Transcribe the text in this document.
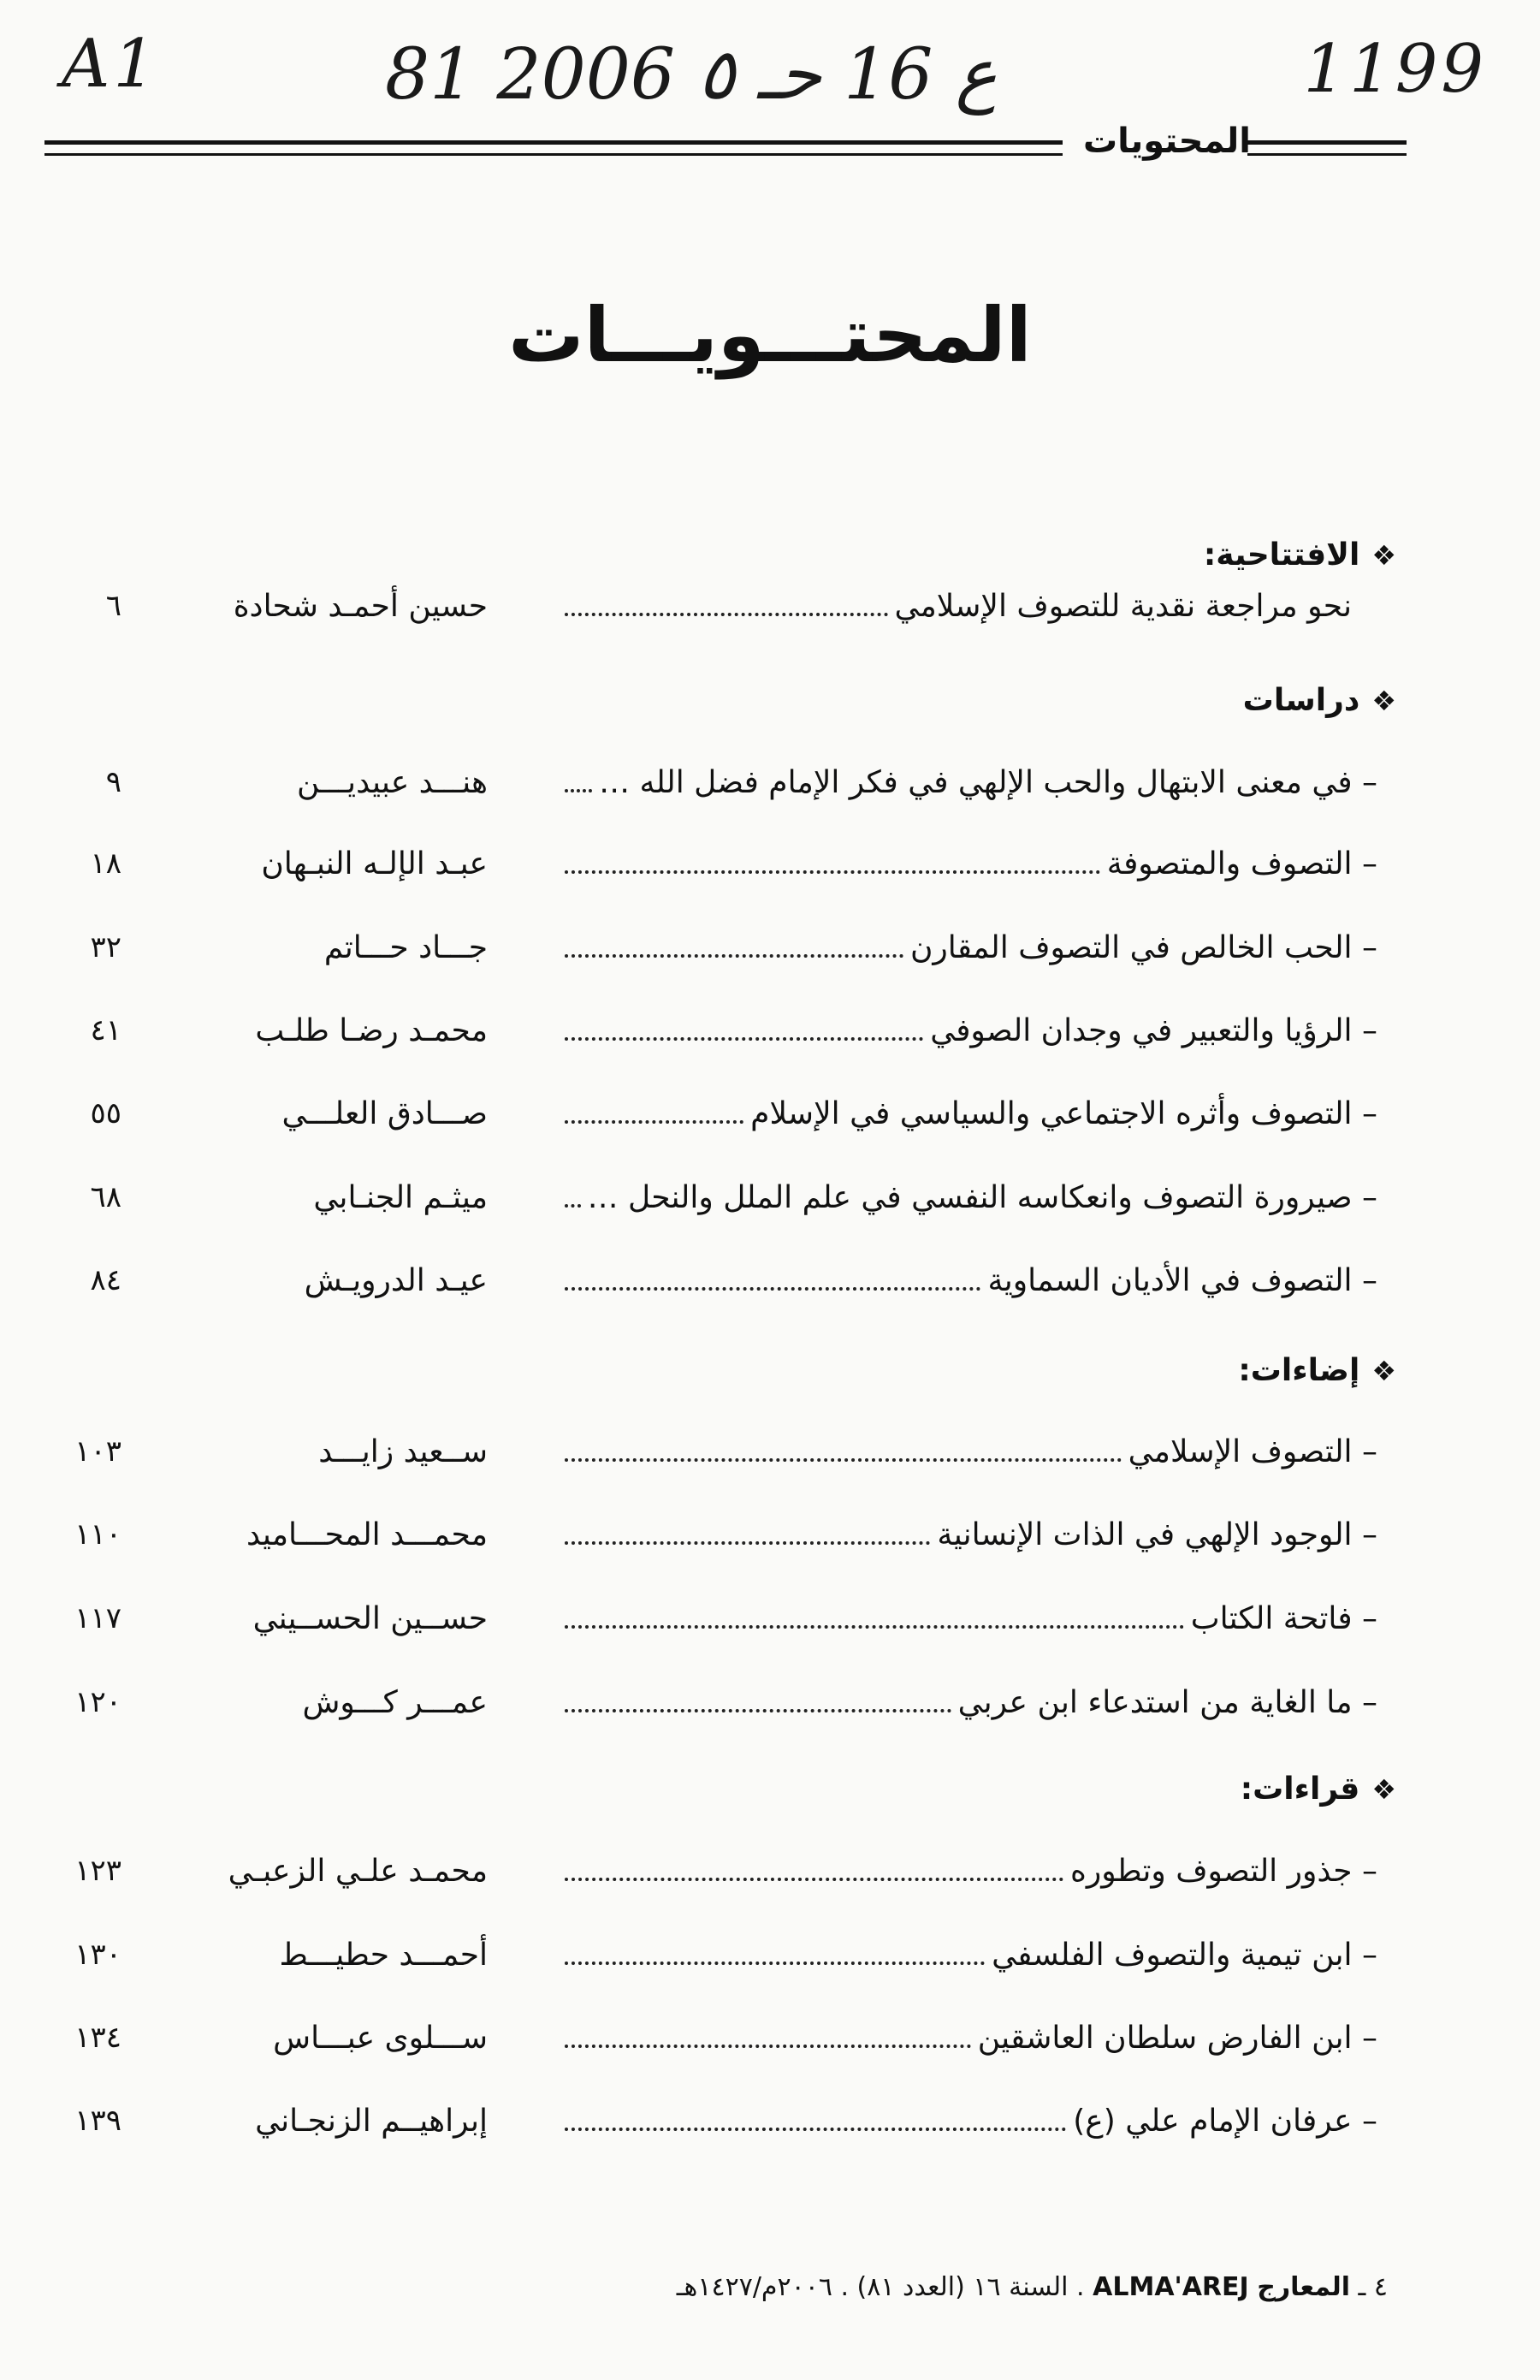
A1	81 ع 16 حـ ٥ 2006	1199
المحتويات
المحتـــويـــات
❖الافتتاحية:
نحو مراجعة نقدية للتصوف الإسلامي
حسين أحمـد شحادة
٦
❖دراسات
– في معنى الابتهال والحب الإلهي في فكر الإمام فضل الله …
هنـــد عبيديـــن
٩
– التصوف والمتصوفة
عبـد الإلـه النبـهان
١٨
– الحب الخالص في التصوف المقارن
جـــاد حـــاتم
٣٢
– الرؤيا والتعبير في وجدان الصوفي
محمـد رضـا طلـب
٤١
– التصوف وأثره الاجتماعي والسياسي في الإسلام
صـــادق العلـــي
٥٥
– صيرورة التصوف وانعكاسه النفسي في علم الملل والنحل …
ميثـم الجنـابي
٦٨
– التصوف في الأديان السماوية
عيـد الدرويـش
٨٤
❖إضاءات:
– التصوف الإسلامي
ســعيد زايـــد
١٠٣
– الوجود الإلهي في الذات الإنسانية
محمـــد المحـــاميد
١١٠
– فاتحة الكتاب
حســين الحســيني
١١٧
– ما الغاية من استدعاء ابن عربي
عمـــر كـــوش
١٢٠
❖قراءات:
– جذور التصوف وتطوره
محمـد علـي الزعبـي
١٢٣
– ابن تيمية والتصوف الفلسفي
أحمـــد حطيـــط
١٣٠
– ابن الفارض سلطان العاشقين
ســـلوى عبـــاس
١٣٤
– عرفان الإمام علي (ع)
إبراهيــم الزنجـاني
١٣٩
٤ ـ المعارج ALMA'AREJ . السنة ١٦ (العدد ٨١) . ٢٠٠٦م/١٤٢٧هـ
